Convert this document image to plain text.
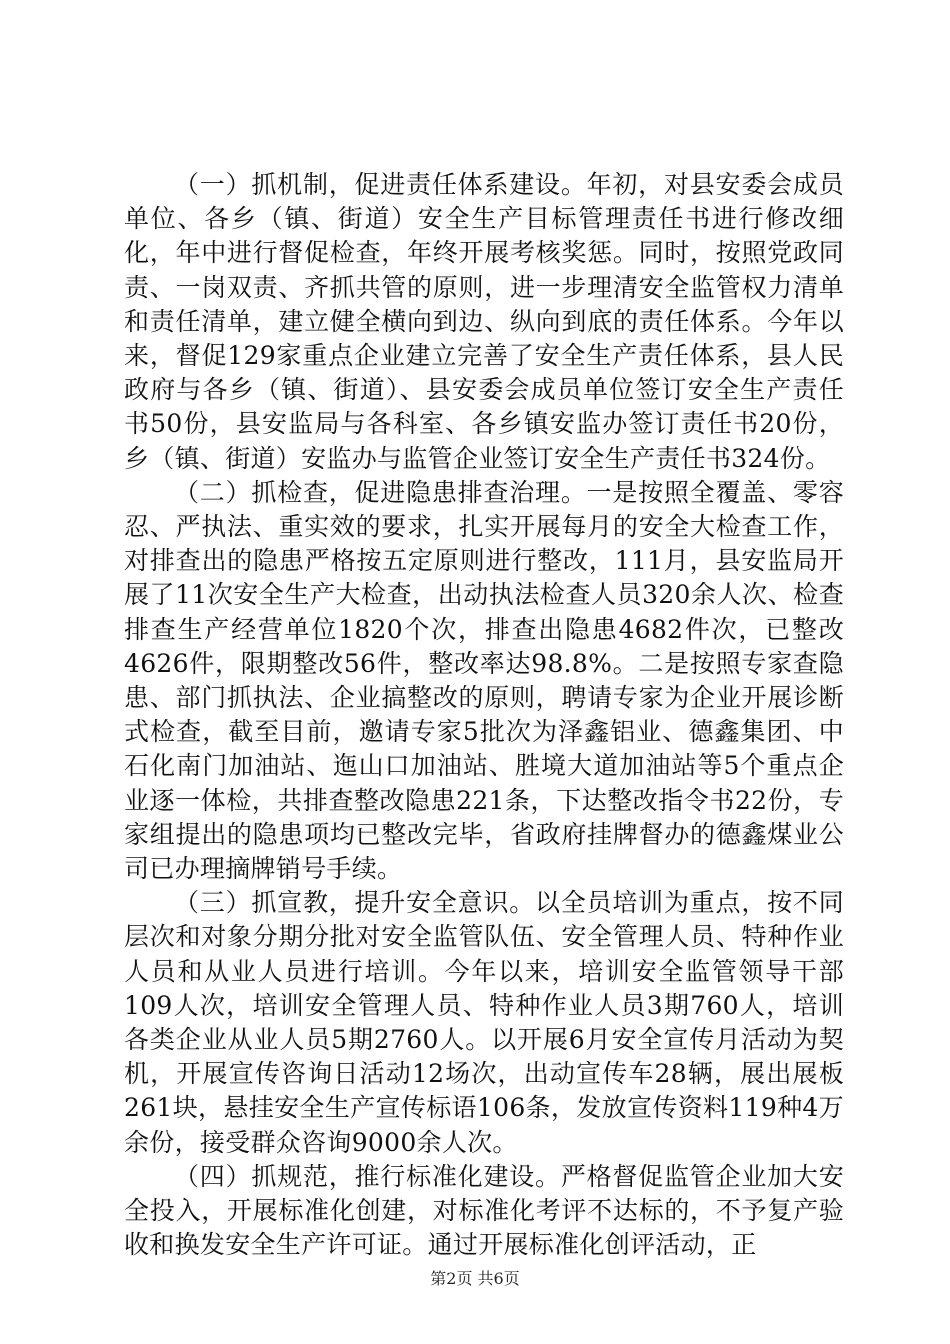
（一）抓机制，促进责任体系建设。年初，对县安委会成员单位、各乡（镇、街道）安全生产目标管理责任书进行修改细化，年中进行督促检查，年终开展考核奖惩。同时，按照党政同责、一岗双责、齐抓共管的原则，进一步理清安全监管权力清单和责任清单，建立健全横向到边、纵向到底的责任体系。今年以来，督促129家重点企业建立完善了安全生产责任体系，县人民政府与各乡（镇、街道）、县安委会成员单位签订安全生产责任书50份，县安监局与各科室、各乡镇安监办签订责任书20份，乡（镇、街道）安监办与监管企业签订安全生产责任书324份。

（二）抓检查，促进隐患排查治理。一是按照全覆盖、零容忍、严执法、重实效的要求，扎实开展每月的安全大检查工作，对排查出的隐患严格按五定原则进行整改，111月，县安监局开展了11次安全生产大检查，出动执法检查人员320余人次、检查排查生产经营单位1820个次，排查出隐患4682件次，已整改4626件，限期整改56件，整改率达98.8%。二是按照专家查隐患、部门抓执法、企业搞整改的原则，聘请专家为企业开展诊断式检查，截至目前，邀请专家5批次为泽鑫铝业、德鑫集团、中石化南门加油站、迤山口加油站、胜境大道加油站等5个重点企业逐一体检，共排查整改隐患221条，下达整改指令书22份，专家组提出的隐患项均已整改完毕，省政府挂牌督办的德鑫煤业公司已办理摘牌销号手续。

（三）抓宣教，提升安全意识。以全员培训为重点，按不同层次和对象分期分批对安全监管队伍、安全管理人员、特种作业人员和从业人员进行培训。今年以来，培训安全监管领导干部109人次，培训安全管理人员、特种作业人员3期760人，培训各类企业从业人员5期2760人。以开展6月安全宣传月活动为契机，开展宣传咨询日活动12场次，出动宣传车28辆，展出展板261块，悬挂安全生产宣传标语106条，发放宣传资料119种4万余份，接受群众咨询9000余人次。

（四）抓规范，推行标准化建设。严格督促监管企业加大安全投入，开展标准化创建，对标准化考评不达标的，不予复产验收和换发安全生产许可证。通过开展标准化创评活动，正

第2页 共6页
